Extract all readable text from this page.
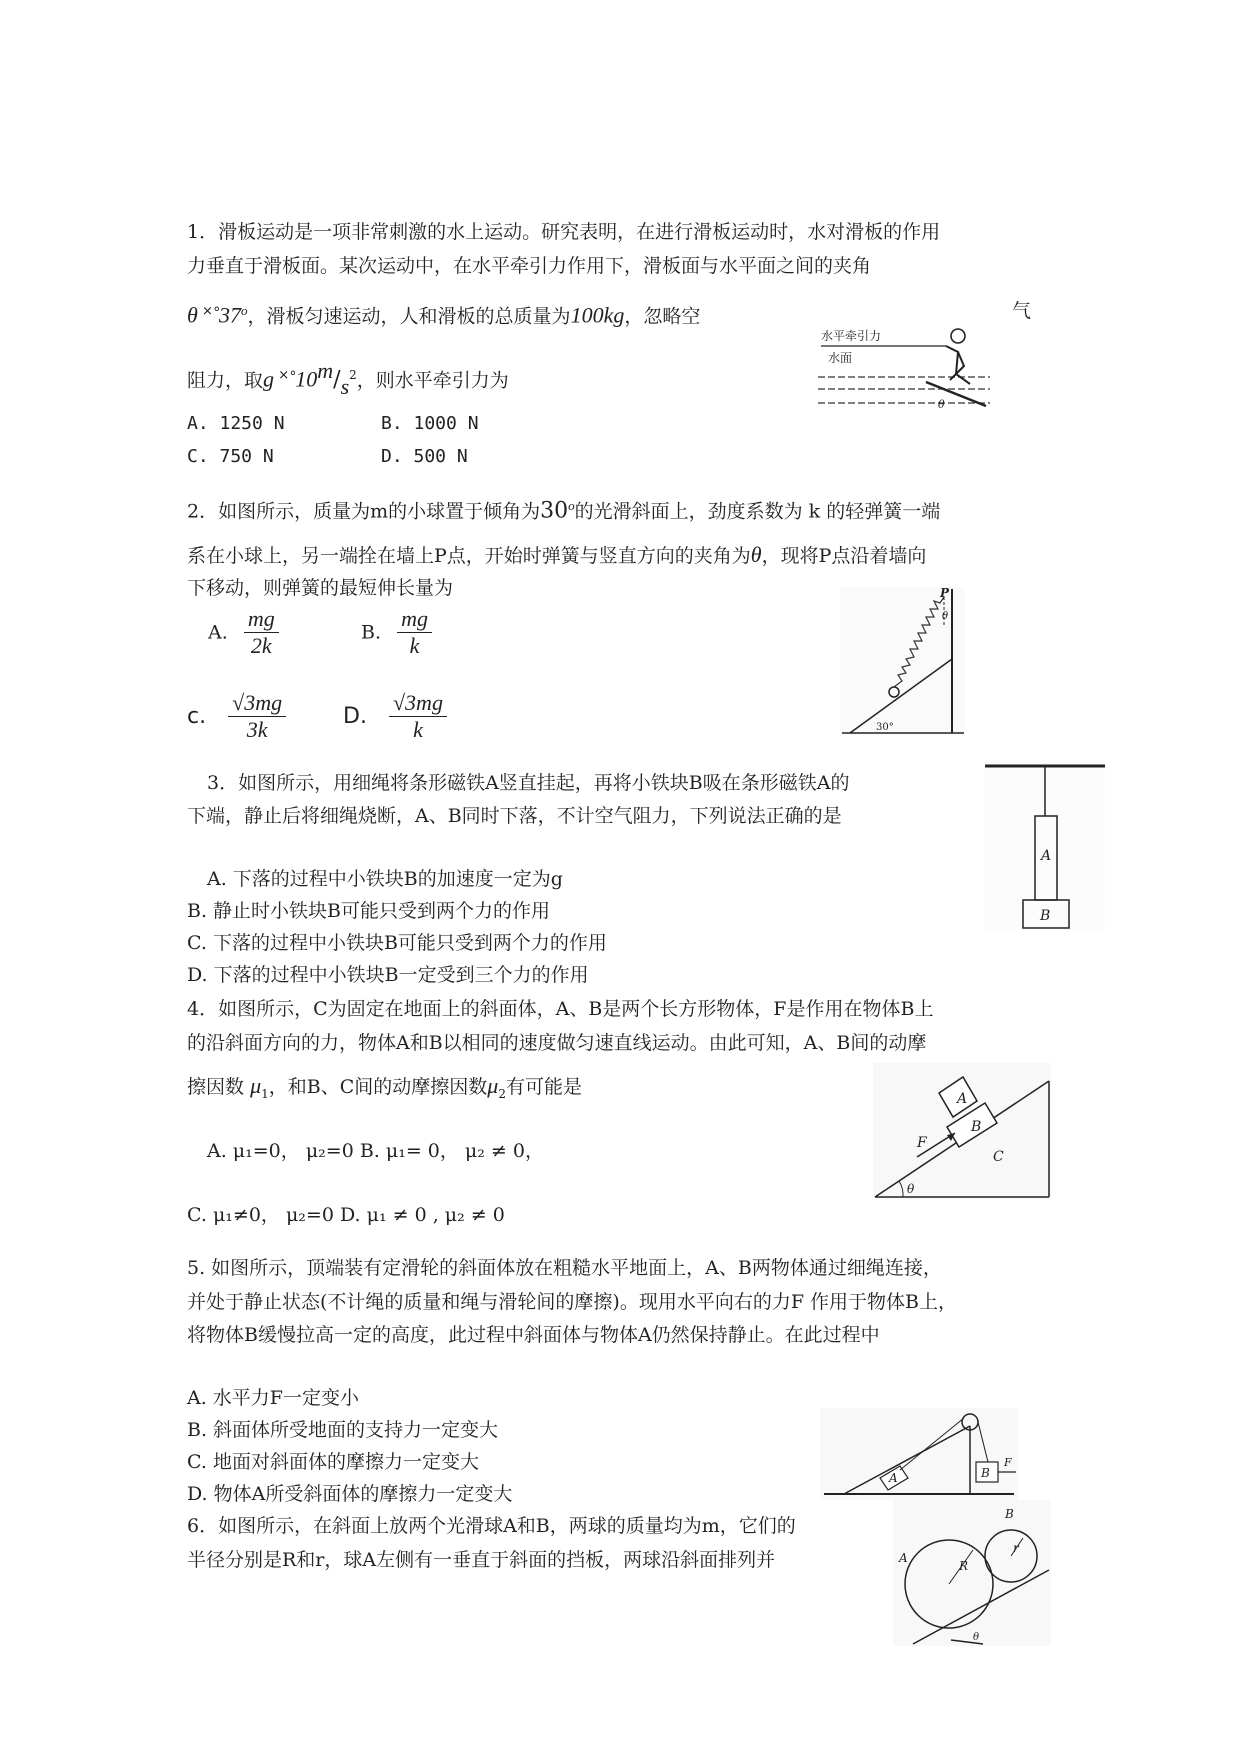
1．滑板运动是一项非常刺激的水上运动。研究表明，在进行滑板运动时，水对滑板的作用
力垂直于滑板面。某次运动中，在水平牵引力作用下，滑板面与水平面之间的夹角
θ ˟˚37$^o$，滑板匀速运动，人和滑板的总质量为100kg，忽略空	气
阻力，取g $˟˚10m/s^2$，则水平牵引力为
A. 1250 N	B. 1000 N
C. 750 N	D. 500 N
水平牵引力
水面
θ
2．如图所示，质量为m的小球置于倾角为30$^o$的光滑斜面上，劲度系数为 k 的轻弹簧一端
系在小球上，另一端拴在墙上P点，开始时弹簧与竖直方向的夹角为θ，现将P点沿着墙向
下移动，则弹簧的最短伸长量为
A. $\frac{mg}{2k}$	B. $\frac{mg}{k}$
c. $\frac{√3mg}{3k}$	D. $\frac{√3mg}{k}$
P
θ
30°
3．如图所示，用细绳将条形磁铁A竖直挂起，再将小铁块B吸在条形磁铁A的
下端，静止后将细绳烧断，A、B同时下落，不计空气阻力，下列说法正确的是
A. 下落的过程中小铁块B的加速度一定为g
B. 静止时小铁块B可能只受到两个力的作用
C. 下落的过程中小铁块B可能只受到两个力的作用
D. 下落的过程中小铁块B一定受到三个力的作用
A
B
4．如图所示，C为固定在地面上的斜面体，A、B是两个长方形物体，F是作用在物体B上
的沿斜面方向的力，物体A和B以相同的速度做匀速直线运动。由此可知，A、B间的动摩
擦因数 $\mu_1$，和B、C间的动摩擦因数$\mu_2$有可能是
A. μ₁=0， μ₂=0 B. μ₁= 0， μ₂ ≠ 0，
C. μ₁≠0， μ₂=0 D. μ₁ ≠ 0 , μ₂ ≠ 0
A
B
C
F
θ
5. 如图所示，顶端装有定滑轮的斜面体放在粗糙水平地面上，A、B两物体通过细绳连接，
并处于静止状态(不计绳的质量和绳与滑轮间的摩擦)。现用水平向右的力F 作用于物体B上，
将物体B缓慢拉高一定的高度，此过程中斜面体与物体A仍然保持静止。在此过程中
A. 水平力F一定变小
B. 斜面体所受地面的支持力一定变大
C. 地面对斜面体的摩擦力一定变大
D. 物体A所受斜面体的摩擦力一定变大
A	B
F
6．如图所示，在斜面上放两个光滑球A和B，两球的质量均为m，它们的
半径分别是R和r，球A左侧有一垂直于斜面的挡板，两球沿斜面排列并	A
B
R
r
θ
